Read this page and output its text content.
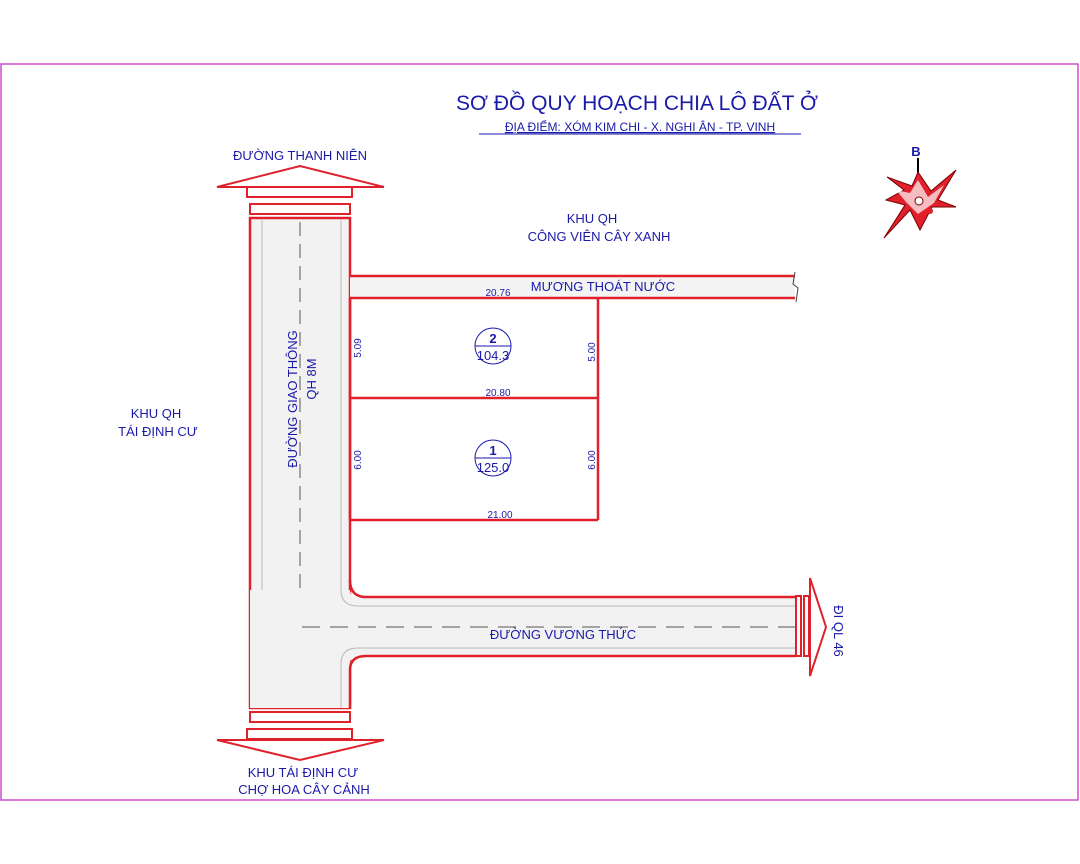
SƠ ĐỒ QUY HOẠCH CHIA LÔ ĐẤT Ở
ĐỊA ĐIỂM: XÓM KIM CHI - X. NGHI ÂN - TP. VINH
B
ĐƯỜNG THANH NIÊN
2
104.3
1
125.0
20.76
5.09	5.00
20.80
6.00	6.00
21.00
KHU QH
CÔNG VIÊN CÂY XANH
MƯƠNG THOÁT NƯỚC
KHU QH
TÁI ĐỊNH CƯ	ĐƯỜNG GIAO THÔNG QH 8M
ĐƯỜNG VƯƠNG THỨC	ĐI QL 46
KHU TÁI ĐỊNH CƯ
CHỢ HOA CÂY CẢNH
